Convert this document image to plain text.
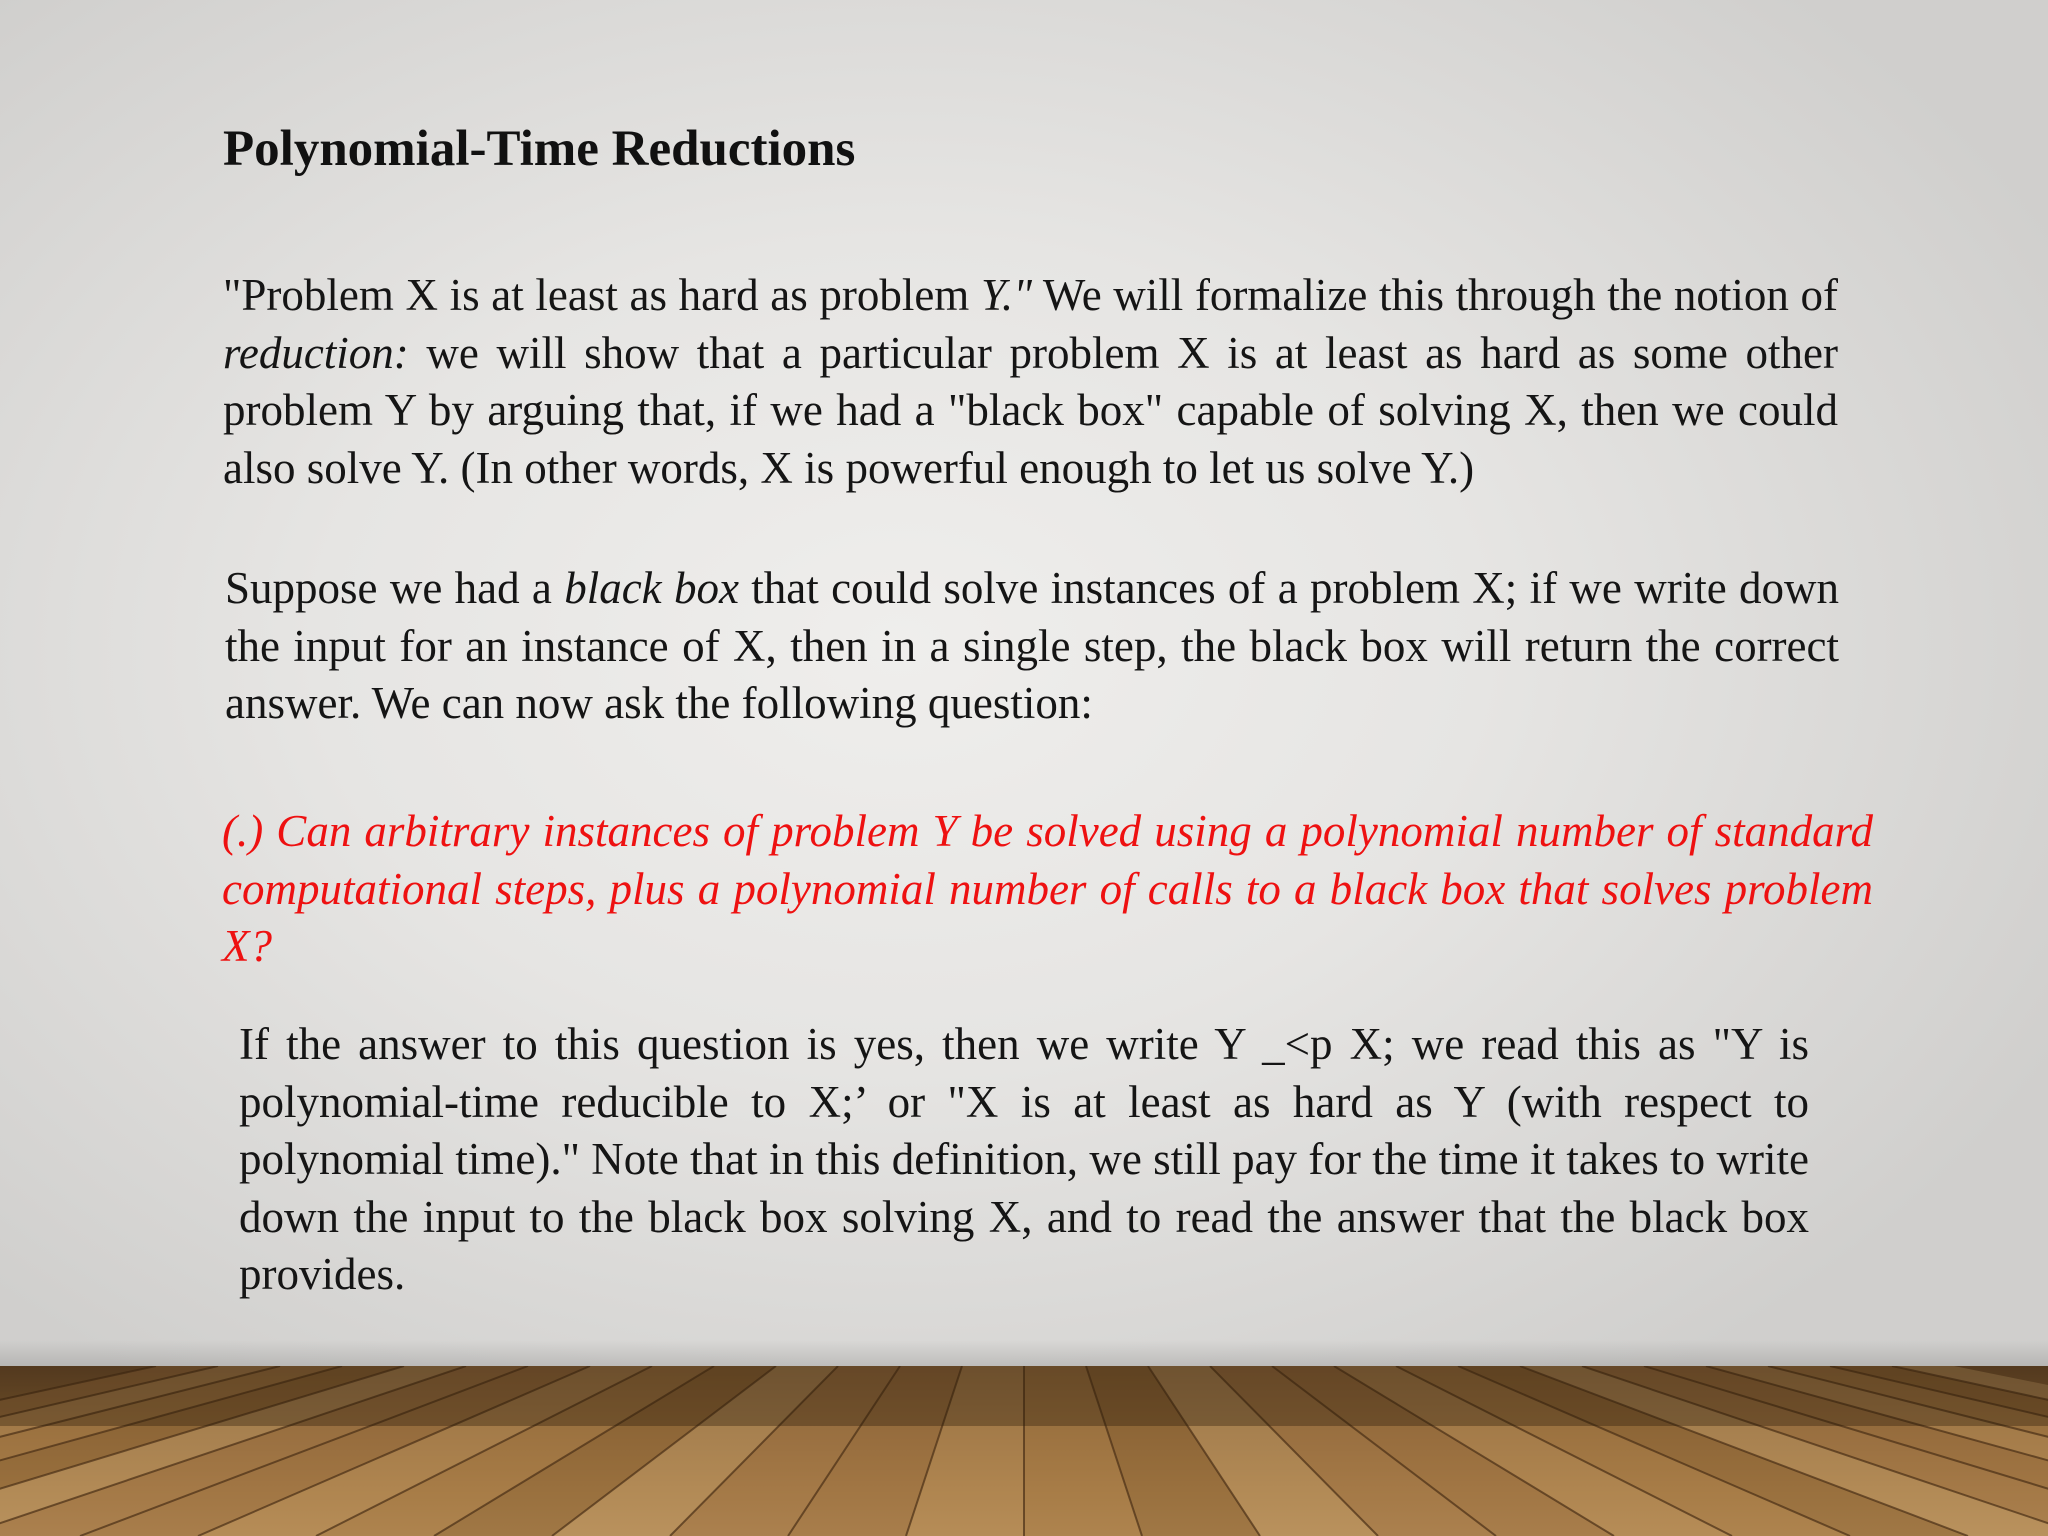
Polynomial-Time Reductions

"Problem X is at least as hard as problem Y." We will formalize this through the notion of reduction: we will show that a particular problem X is at least as hard as some other problem Y by arguing that, if we had a "black box" capable of solving X, then we could also solve Y. (In other words, X is powerful enough to let us solve Y.)

Suppose we had a black box that could solve instances of a problem X; if we write down the input for an instance of X, then in a single step, the black box will return the correct answer. We can now ask the following question:

(.) Can arbitrary instances of problem Y be solved using a polynomial number of standard computational steps, plus a polynomial number of calls to a black box that solves problem X?

If the answer to this question is yes, then we write Y _<p X; we read this as "Y is polynomial-time reducible to X;’ or "X is at least as hard as Y (with respect to polynomial time)." Note that in this definition, we still pay for the time it takes to write down the input to the black box solving X, and to read the answer that the black box provides.
